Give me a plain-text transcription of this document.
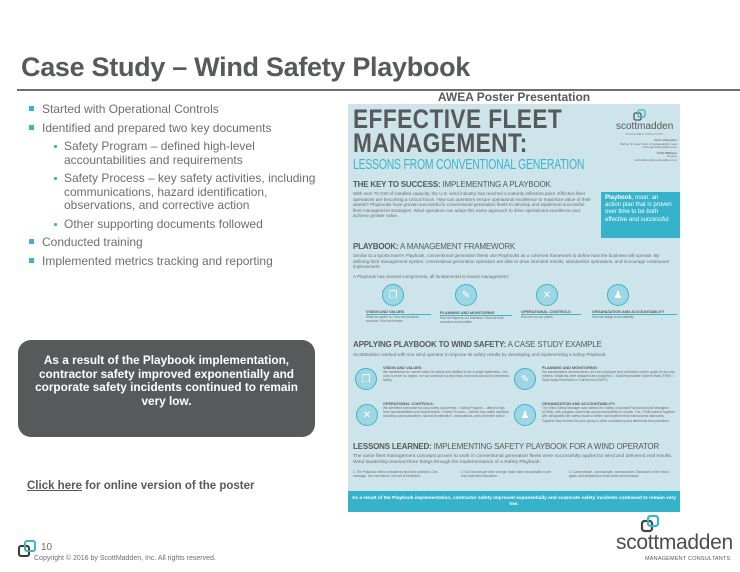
Case Study – Wind Safety Playbook
Started with Operational Controls
Identified and prepared two key documents
Safety Program – defined high-level accountabilities and requirements
Safety Process – key safety activities, including communications, hazard identification, observations, and corrective action
Other supporting documents followed
Conducted training
Implemented metrics tracking and reporting
As a result of the Playbook implementation, contractor safety improved exponentially and corporate safety incidents continued to remain very low.
Click here for online version of the poster
10
Copyright © 2016 by ScottMadden, Inc. All rights reserved.
AWEA Poster Presentation
EFFECTIVE FLEET
MANAGEMENT:
LESSONS FROM CONVENTIONAL GENERATION
scottmadden
MANAGEMENT CONSULTANTS
Chris Vlahoplus
Partner & Clean Tech & Sustainability Lead
chrisv@scottmadden.com
Todd Williams
Partner
toddwilliams@scottmadden.com
THE KEY TO SUCCESS: IMPLEMENTING A PLAYBOOK
With over 70 GW of installed capacity, the U.S. wind industry has reached a maturity inflection point. Effective fleet operations are becoming a critical focus. How can operators ensure operational excellence to maximize value of their assets? Playbooks have proven successful in conventional generation fleets to develop and implement successful fleet management strategies. Wind operators can adopt this same approach to drive operational excellence and achieve greater value.
Playbook, noun: an action plan that is proven over time to be both effective and successful
PLAYBOOK: A MANAGEMENT FRAMEWORK
Similar to a sports team's Playbook, conventional generation fleets use Playbooks as a coherent framework to define how the business will operate. By defining their management system, conventional generation operators are able to drive intended results, standardize operations, and encourage continuous improvement.
A Playbook has several components, all fundamental to sound management:
❐	✎	✕	♟
VISION AND VALUES
What we aspire to / How we measure success / How we behave
PLANNING AND MONITORING
How we improve our business / How we hold ourselves accountable
OPERATIONAL CONTROLS
How we run our plants
ORGANIZATION AND ACCOUNTABILITY
How we assign accountability
APPLYING PLAYBOOK TO WIND SAFETY: A CASE STUDY EXAMPLE
ScottMadden worked with one wind operator to improve its safety results by developing and implementing a safety Playbook.
❐
VISION AND VALUES:
We established an overall vision for safety and distilled it into a single statement—Our work is never so urgent, nor our schedule so important, that work cannot be performed safely.	✎
PLANNING AND MONITORING:
We standardized, benchmarked, and set employee and contractor stretch goals for two key metrics. Initiatives were designed and budgeted. • Total Recordable Incident Rate (TRIR) • Days Away Restricted or Transferred (DART)
✕
OPERATIONAL CONTROLS:
We identified and wrote two key safety documents: • Safety Program – defines high level accountabilities and requirements • Safety Process – defines key safety activities, including communications, hazard identification, observations, and corrective action	♟
ORGANIZATION AND ACCOUNTABILITY:
The Wind Safety Manager was named the Safety Corporate Functional Area Managers (CFAM), with program ownership and accountability for results. The CFAM worked together with designated site safety leads to define and implement functional area standards. Together they formed the peer group to drive consistency and determine best practices.
LESSONS LEARNED: IMPLEMENTING SAFETY PLAYBOOK FOR A WIND OPERATOR
The same fleet management concepts proven to work in conventional generation fleets were successfully applied to wind and delivered real results. Wind leadership learned three things through the implementation of a Safety Playbook:
1. The Playbook drives consistency and best practices. One message, one experience, one set of behaviors.
2. Our best people drive change. Make them accountable to set and implement standards.
3. Communicate, communicate, communicate. Discussion of the vision, goals, and standards is what drives new behavior.
As a result of the Playbook implementation, contractor safety improved exponentially and corporate safety incidents continued to remain very low.
scottmadden
MANAGEMENT CONSULTANTS
